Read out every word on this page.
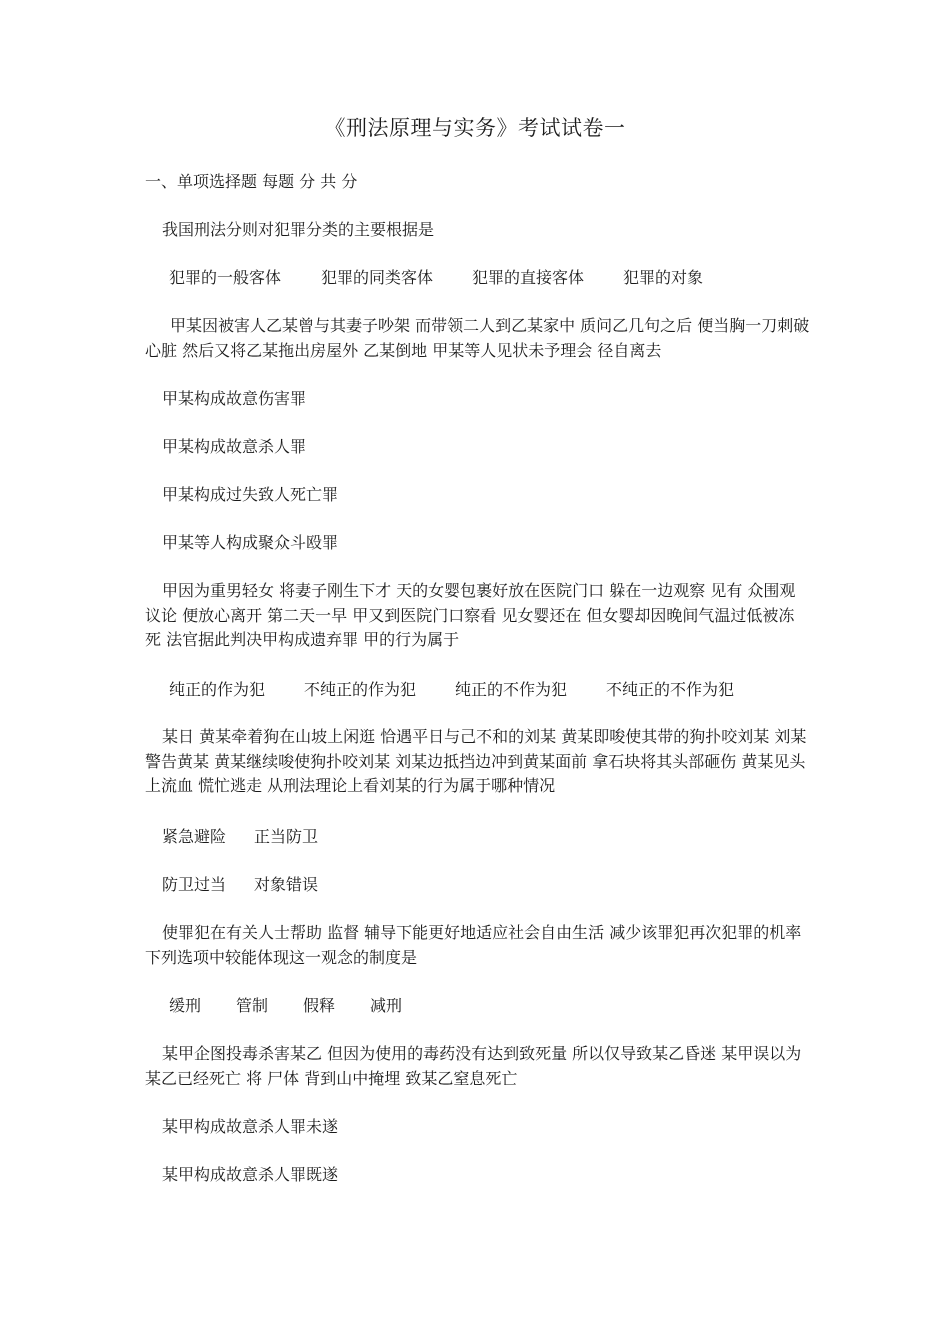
《刑法原理与实务》考试试卷一
一、单项选择题 每题 分 共 分
我国刑法分则对犯罪分类的主要根据是
犯罪的一般客体 犯罪的同类客体 犯罪的直接客体 犯罪的对象
甲某因被害人乙某曾与其妻子吵架 而带领二人到乙某家中 质问乙几句之后 便当胸一刀刺破心脏 然后又将乙某拖出房屋外 乙某倒地 甲某等人见状未予理会 径自离去
甲某构成故意伤害罪
甲某构成故意杀人罪
甲某构成过失致人死亡罪
甲某等人构成聚众斗殴罪
甲因为重男轻女 将妻子刚生下才 天的女婴包裹好放在医院门口 躲在一边观察 见有 众围观 议论 便放心离开 第二天一早 甲又到医院门口察看 见女婴还在 但女婴却因晚间气温过低被冻死 法官据此判决甲构成遗弃罪 甲的行为属于
纯正的作为犯 不纯正的作为犯 纯正的不作为犯 不纯正的不作为犯
某日 黄某牵着狗在山坡上闲逛 恰遇平日与己不和的刘某 黄某即唆使其带的狗扑咬刘某 刘某警告黄某 黄某继续唆使狗扑咬刘某 刘某边抵挡边冲到黄某面前 拿石块将其头部砸伤 黄某见头上流血 慌忙逃走 从刑法理论上看刘某的行为属于哪种情况
紧急避险 正当防卫
防卫过当 对象错误
使罪犯在有关人士帮助 监督 辅导下能更好地适应社会自由生活 减少该罪犯再次犯罪的机率 下列选项中较能体现这一观念的制度是
缓刑 管制 假释 减刑
某甲企图投毒杀害某乙 但因为使用的毒药没有达到致死量 所以仅导致某乙昏迷 某甲误以为某乙已经死亡 将 尸体 背到山中掩埋 致某乙窒息死亡
某甲构成故意杀人罪未遂
某甲构成故意杀人罪既遂
